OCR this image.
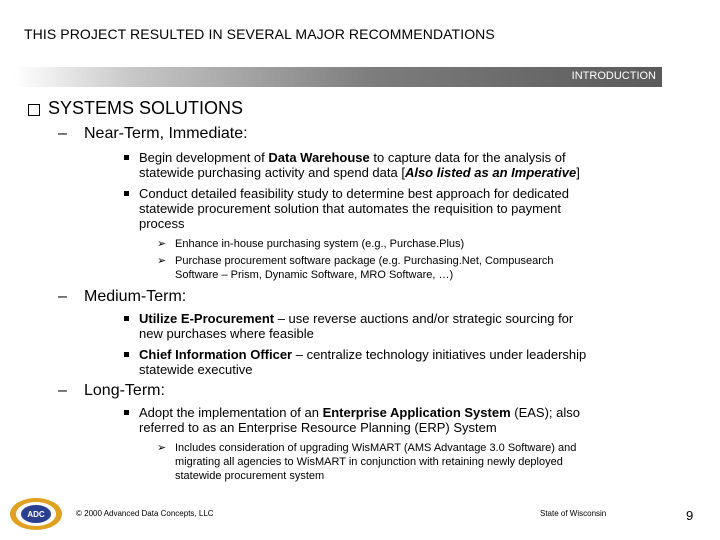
THIS PROJECT RESULTED IN SEVERAL MAJOR RECOMMENDATIONS
INTRODUCTION
SYSTEMS SOLUTIONS
– Near-Term, Immediate:
Begin development of Data Warehouse to capture data for the analysis of
statewide purchasing activity and spend data [Also listed as an Imperative]
Conduct detailed feasibility study to determine best approach for dedicated
statewide procurement solution that automates the requisition to payment
process
➢ Enhance in-house purchasing system (e.g., Purchase.Plus)
➢ Purchase procurement software package (e.g. Purchasing.Net, Compusearch
Software – Prism, Dynamic Software, MRO Software, …)
– Medium-Term:
Utilize E-Procurement – use reverse auctions and/or strategic sourcing for
new purchases where feasible
Chief Information Officer – centralize technology initiatives under leadership
statewide executive
– Long-Term:
Adopt the implementation of an Enterprise Application System (EAS); also
referred to as an Enterprise Resource Planning (ERP) System
➢ Includes consideration of upgrading WisMART (AMS Advantage 3.0 Software) and
migrating all agencies to WisMART in conjunction with retaining newly deployed
statewide procurement system
ADC	© 2000 Advanced Data Concepts, LLC	State of Wisconsin	9
